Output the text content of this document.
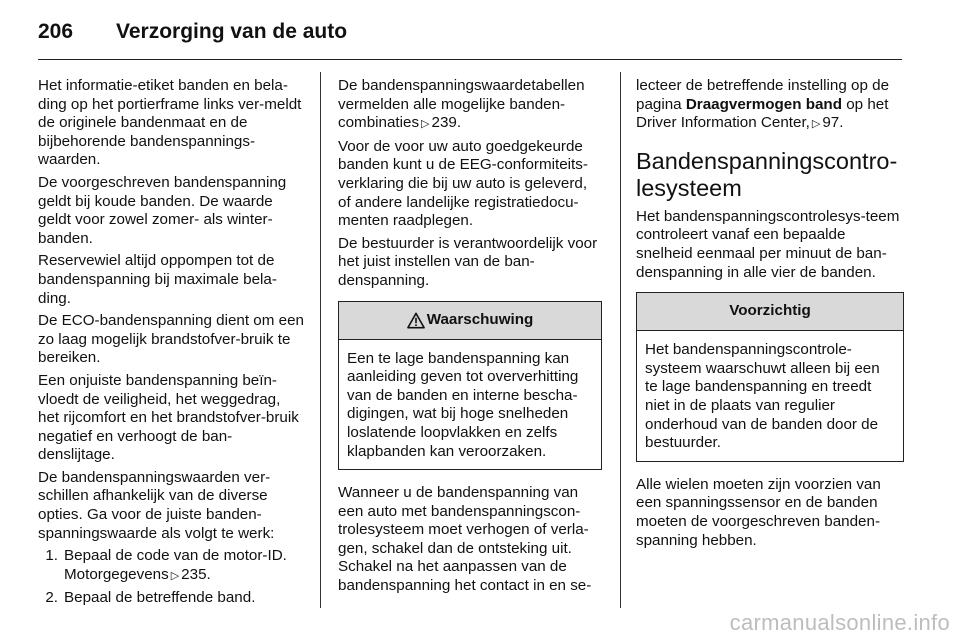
206 Verzorging van de auto

Het informatie-etiket banden en bela-ding op het portierframe links ver-meldt de originele bandenmaat en de bijbehorende bandenspannings-waarden.

De voorgeschreven bandenspanning geldt bij koude banden. De waarde geldt voor zowel zomer- als winter-banden.

Reservewiel altijd oppompen tot de bandenspanning bij maximale bela-ding.

De ECO-bandenspanning dient om een zo laag mogelijk brandstofver-bruik te bereiken.

Een onjuiste bandenspanning beïn-vloedt de veiligheid, het weggedrag, het rijcomfort en het brandstofver-bruik negatief en verhoogt de ban-denslijtage.

De bandenspanningswaarden ver-schillen afhankelijk van de diverse opties. Ga voor de juiste banden-spanningswaarde als volgt te werk:

1. Bepaal de code van de motor-ID. Motorgegevens ▷ 235.
2. Bepaal de betreffende band.

De bandenspanningswaardetabellen vermelden alle mogelijke banden-combinaties ▷ 239.

Voor de voor uw auto goedgekeurde banden kunt u de EEG-conformiteits-verklaring die bij uw auto is geleverd, of andere landelijke registratiedocu-menten raadplegen.

De bestuurder is verantwoordelijk voor het juist instellen van de ban-denspanning.

Waarschuwing
Een te lage bandenspanning kan aanleiding geven tot oververhitting van de banden en interne bescha-digingen, wat bij hoge snelheden loslatende loopvlakken en zelfs klapbanden kan veroorzaken.

Wanneer u de bandenspanning van een auto met bandenspanningscon-trolesysteem moet verhogen of verla-gen, schakel dan de ontsteking uit. Schakel na het aanpassen van de bandenspanning het contact in en se-

lecteer de betreffende instelling op de pagina Draagvermogen band op het Driver Information Center, ▷ 97.

Bandenspanningscontro-lesysteem

Het bandenspanningscontrolesys-teem controleert vanaf een bepaalde snelheid eenmaal per minuut de ban-denspanning in alle vier de banden.

Voorzichtig
Het bandenspanningscontrole-systeem waarschuwt alleen bij een te lage bandenspanning en treedt niet in de plaats van regulier onderhoud van de banden door de bestuurder.

Alle wielen moeten zijn voorzien van een spanningssensor en de banden moeten de voorgeschreven banden-spanning hebben.

carmanualsonline.info
